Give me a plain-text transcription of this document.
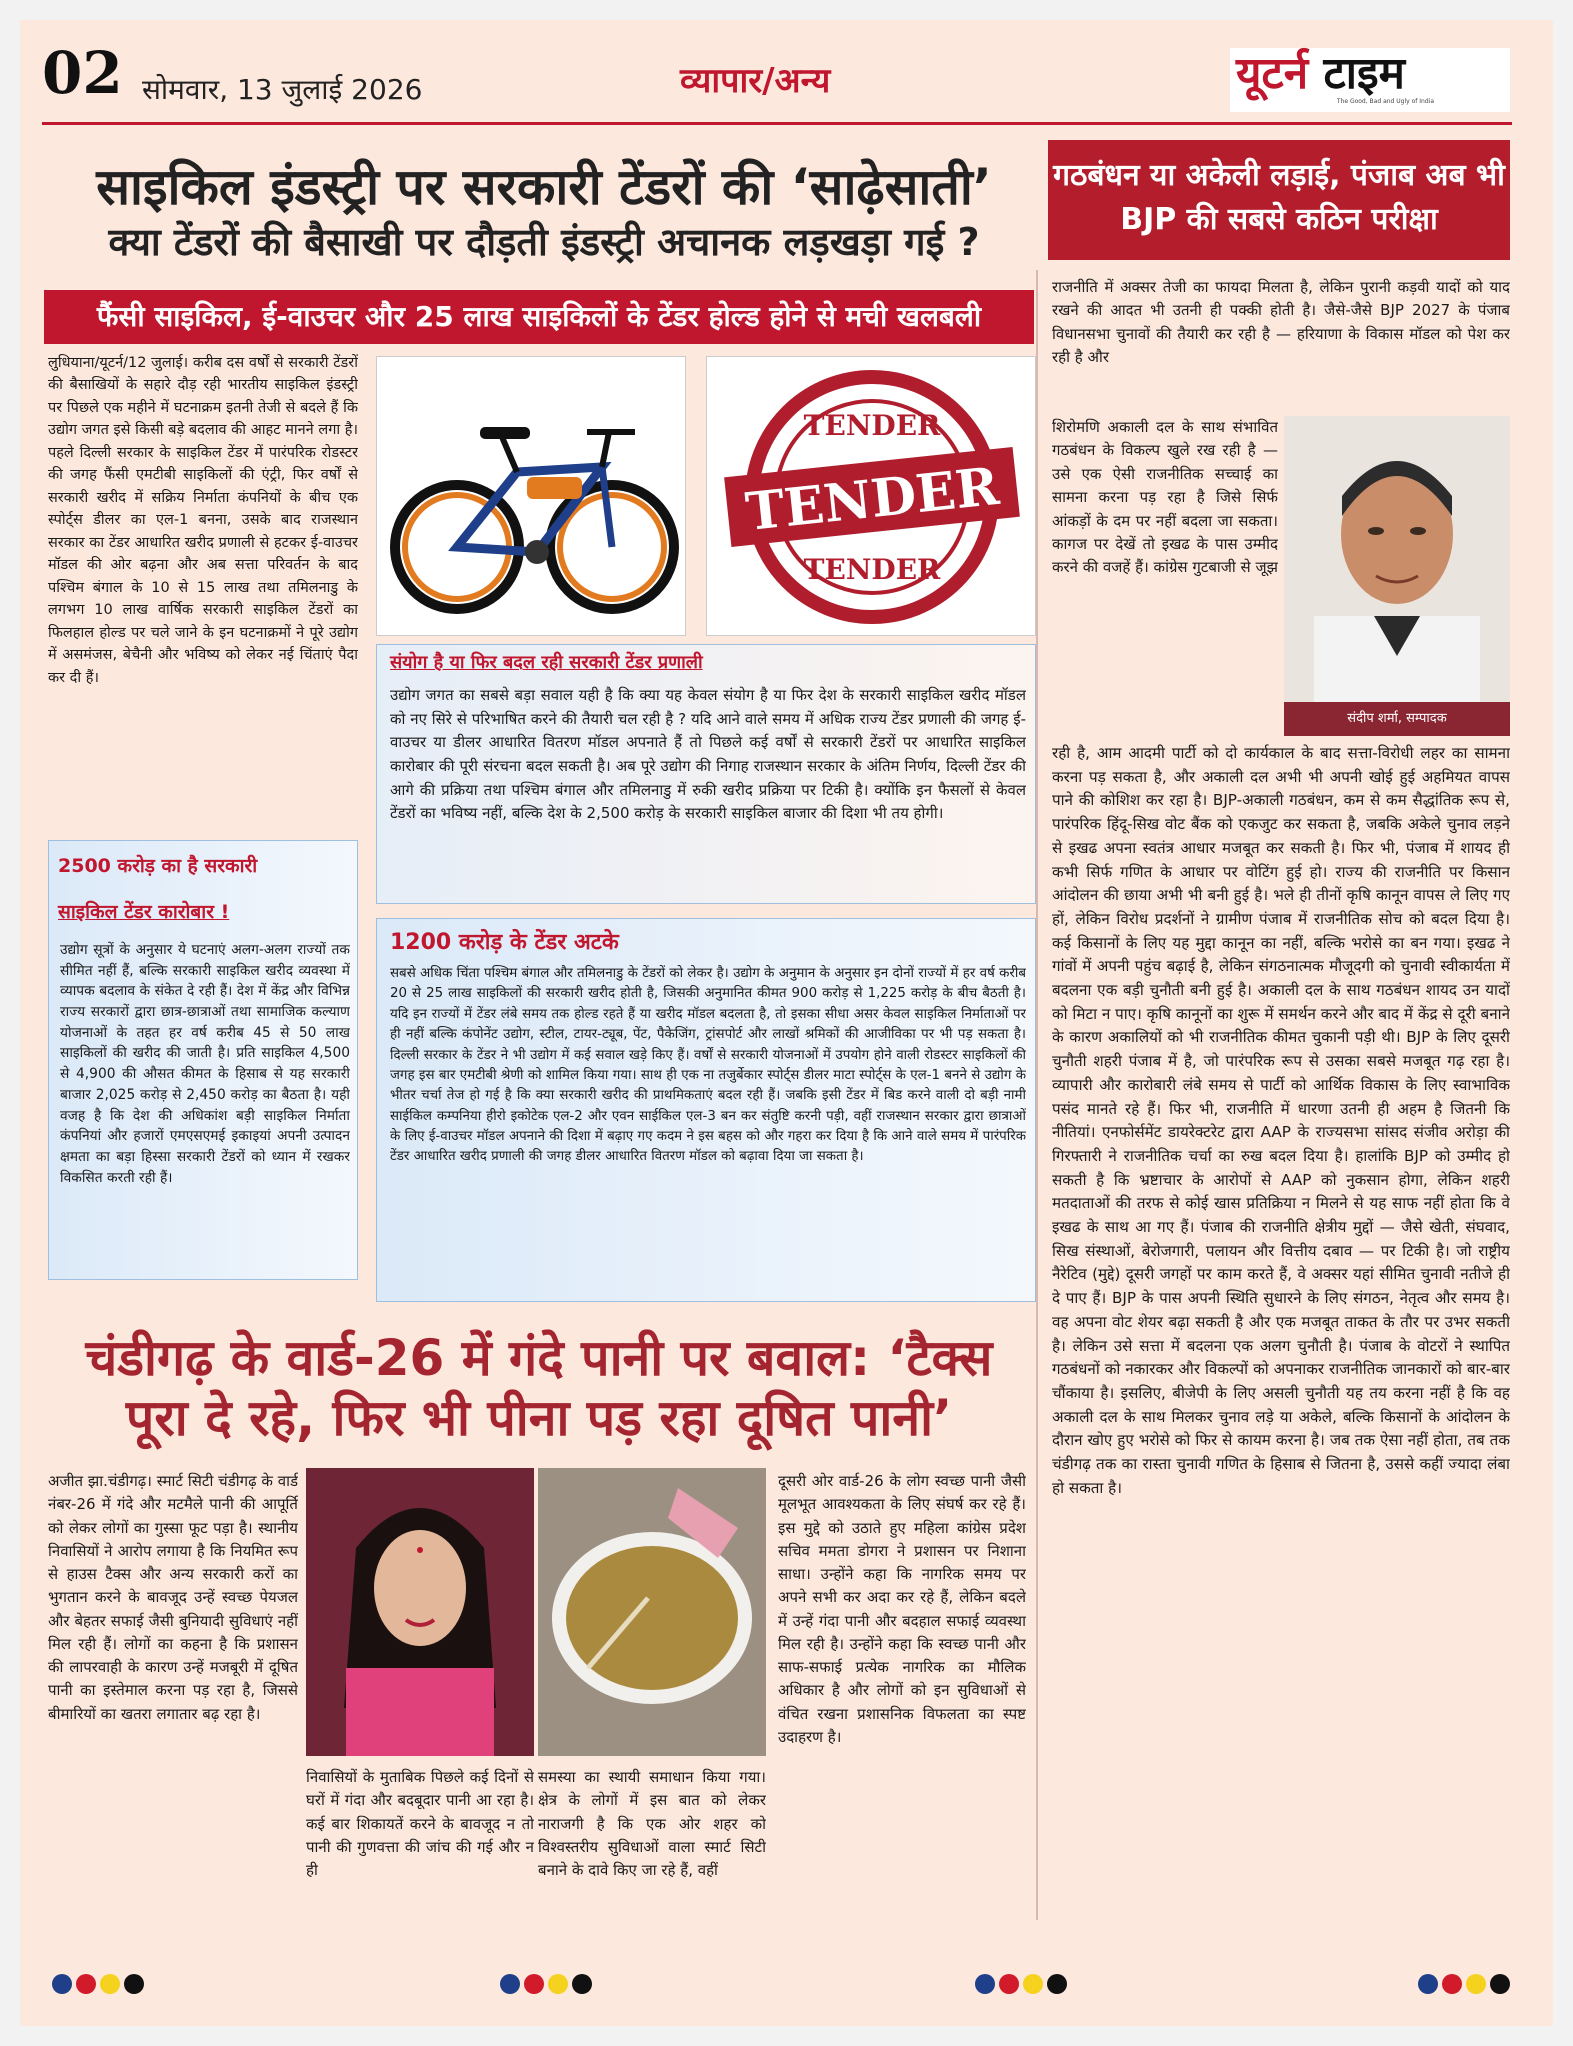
02 सोमवार, 13 जुलाई 2026	व्यापार/अन्य	यूटर्न टाइम
The Good, Bad and Ugly of India
साइकिल इंडस्ट्री पर सरकारी टेंडरों की ‘साढ़ेसाती’
क्या टेंडरों की बैसाखी पर दौड़ती इंडस्ट्री अचानक लड़खड़ा गई ?
फैंसी साइकिल, ई-वाउचर और 25 लाख साइकिलों के टेंडर होल्ड होने से मची खलबली
लुधियाना/यूटर्न/12 जुलाई। करीब दस वर्षों से सरकारी टेंडरों की बैसाखियों के सहारे दौड़ रही भारतीय साइकिल इंडस्ट्री पर पिछले एक महीने में घटनाक्रम इतनी तेजी से बदले हैं कि उद्योग जगत इसे किसी बड़े बदलाव की आहट मानने लगा है। पहले दिल्ली सरकार के साइकिल टेंडर में पारंपरिक रोडस्टर की जगह फैंसी एमटीबी साइकिलों की एंट्री, फिर वर्षों से सरकारी खरीद में सक्रिय निर्माता कंपनियों के बीच एक स्पोर्ट्स डीलर का एल-1 बनना, उसके बाद राजस्थान सरकार का टेंडर आधारित खरीद प्रणाली से हटकर ई-वाउचर मॉडल की ओर बढ़ना और अब सत्ता परिवर्तन के बाद पश्चिम बंगाल के 10 से 15 लाख तथा तमिलनाडु के लगभग 10 लाख वार्षिक सरकारी साइकिल टेंडरों का फिलहाल होल्ड पर चले जाने के इन घटनाक्रमों ने पूरे उद्योग में असमंजस, बेचैनी और भविष्य को लेकर नई चिंताएं पैदा कर दी हैं।
TENDER
TENDER
TENDER
2500 करोड़ का है सरकारी
साइकिल टेंडर कारोबार !
उद्योग सूत्रों के अनुसार ये घटनाएं अलग-अलग राज्यों तक सीमित नहीं हैं, बल्कि सरकारी साइकिल खरीद व्यवस्था में व्यापक बदलाव के संकेत दे रही हैं। देश में केंद्र और विभिन्न राज्य सरकारों द्वारा छात्र-छात्राओं तथा सामाजिक कल्याण योजनाओं के तहत हर वर्ष करीब 45 से 50 लाख साइकिलों की खरीद की जाती है। प्रति साइकिल 4,500 से 4,900 की औसत कीमत के हिसाब से यह सरकारी बाजार 2,025 करोड़ से 2,450 करोड़ का बैठता है। यही वजह है कि देश की अधिकांश बड़ी साइकिल निर्माता कंपनियां और हजारों एमएसएमई इकाइयां अपनी उत्पादन क्षमता का बड़ा हिस्सा सरकारी टेंडरों को ध्यान में रखकर विकसित करती रही हैं।
संयोग है या फिर बदल रही सरकारी टेंडर प्रणाली
उद्योग जगत का सबसे बड़ा सवाल यही है कि क्या यह केवल संयोग है या फिर देश के सरकारी साइकिल खरीद मॉडल को नए सिरे से परिभाषित करने की तैयारी चल रही है ? यदि आने वाले समय में अधिक राज्य टेंडर प्रणाली की जगह ई-वाउचर या डीलर आधारित वितरण मॉडल अपनाते हैं तो पिछले कई वर्षों से सरकारी टेंडरों पर आधारित साइकिल कारोबार की पूरी संरचना बदल सकती है। अब पूरे उद्योग की निगाह राजस्थान सरकार के अंतिम निर्णय, दिल्ली टेंडर की आगे की प्रक्रिया तथा पश्चिम बंगाल और तमिलनाडु में रुकी खरीद प्रक्रिया पर टिकी है। क्योंकि इन फैसलों से केवल टेंडरों का भविष्य नहीं, बल्कि देश के 2,500 करोड़ के सरकारी साइकिल बाजार की दिशा भी तय होगी।
1200 करोड़ के टेंडर अटके
सबसे अधिक चिंता पश्चिम बंगाल और तमिलनाडु के टेंडरों को लेकर है। उद्योग के अनुमान के अनुसार इन दोनों राज्यों में हर वर्ष करीब 20 से 25 लाख साइकिलों की सरकारी खरीद होती है, जिसकी अनुमानित कीमत 900 करोड़ से 1,225 करोड़ के बीच बैठती है। यदि इन राज्यों में टेंडर लंबे समय तक होल्ड रहते हैं या खरीद मॉडल बदलता है, तो इसका सीधा असर केवल साइकिल निर्माताओं पर ही नहीं बल्कि कंपोनेंट उद्योग, स्टील, टायर-ट्यूब, पेंट, पैकेजिंग, ट्रांसपोर्ट और लाखों श्रमिकों की आजीविका पर भी पड़ सकता है। दिल्ली सरकार के टेंडर ने भी उद्योग में कई सवाल खड़े किए हैं। वर्षों से सरकारी योजनाओं में उपयोग होने वाली रोडस्टर साइकिलों की जगह इस बार एमटीबी श्रेणी को शामिल किया गया। साथ ही एक ना तजुर्बेकार स्पोर्ट्स डीलर माटा स्पोर्ट्स के एल-1 बनने से उद्योग के भीतर चर्चा तेज हो गई है कि क्या सरकारी खरीद की प्राथमिकताएं बदल रही हैं। जबकि इसी टेंडर में बिड करने वाली दो बड़ी नामी साईकिल कम्पनिया हीरो इकोटेक एल-2 और एवन साईकिल एल-3 बन कर संतुष्टि करनी पड़ी, वहीं राजस्थान सरकार द्वारा छात्राओं के लिए ई-वाउचर मॉडल अपनाने की दिशा में बढ़ाए गए कदम ने इस बहस को और गहरा कर दिया है कि आने वाले समय में पारंपरिक टेंडर आधारित खरीद प्रणाली की जगह डीलर आधारित वितरण मॉडल को बढ़ावा दिया जा सकता है।
गठबंधन या अकेली लड़ाई, पंजाब अब भी BJP की सबसे कठिन परीक्षा
राजनीति में अक्सर तेजी का फायदा मिलता है, लेकिन पुरानी कड़वी यादों को याद रखने की आदत भी उतनी ही पक्की होती है। जैसे-जैसे BJP 2027 के पंजाब विधानसभा चुनावों की तैयारी कर रही है — हरियाणा के विकास मॉडल को पेश कर रही है और
शिरोमणि अकाली दल के साथ संभावित गठबंधन के विकल्प खुले रख रही है — उसे एक ऐसी राजनीतिक सच्चाई का सामना करना पड़ रहा है जिसे सिर्फ आंकड़ों के दम पर नहीं बदला जा सकता। कागज पर देखें तो इखढ के पास उम्मीद करने की वजहें हैं। कांग्रेस गुटबाजी से जूझ
संदीप शर्मा, सम्पादक
रही है, आम आदमी पार्टी को दो कार्यकाल के बाद सत्ता-विरोधी लहर का सामना करना पड़ सकता है, और अकाली दल अभी भी अपनी खोई हुई अहमियत वापस पाने की कोशिश कर रहा है। BJP-अकाली गठबंधन, कम से कम सैद्धांतिक रूप से, पारंपरिक हिंदू-सिख वोट बैंक को एकजुट कर सकता है, जबकि अकेले चुनाव लड़ने से इखढ अपना स्वतंत्र आधार मजबूत कर सकती है। फिर भी, पंजाब में शायद ही कभी सिर्फ गणित के आधार पर वोटिंग हुई हो। राज्य की राजनीति पर किसान आंदोलन की छाया अभी भी बनी हुई है। भले ही तीनों कृषि कानून वापस ले लिए गए हों, लेकिन विरोध प्रदर्शनों ने ग्रामीण पंजाब में राजनीतिक सोच को बदल दिया है। कई किसानों के लिए यह मुद्दा कानून का नहीं, बल्कि भरोसे का बन गया। इखढ ने गांवों में अपनी पहुंच बढ़ाई है, लेकिन संगठनात्मक मौजूदगी को चुनावी स्वीकार्यता में बदलना एक बड़ी चुनौती बनी हुई है। अकाली दल के साथ गठबंधन शायद उन यादों को मिटा न पाए। कृषि कानूनों का शुरू में समर्थन करने और बाद में केंद्र से दूरी बनाने के कारण अकालियों को भी राजनीतिक कीमत चुकानी पड़ी थी। BJP के लिए दूसरी चुनौती शहरी पंजाब में है, जो पारंपरिक रूप से उसका सबसे मजबूत गढ़ रहा है। व्यापारी और कारोबारी लंबे समय से पार्टी को आर्थिक विकास के लिए स्वाभाविक पसंद मानते रहे हैं। फिर भी, राजनीति में धारणा उतनी ही अहम है जितनी कि नीतियां। एनफोर्समेंट डायरेक्टरेट द्वारा AAP के राज्यसभा सांसद संजीव अरोड़ा की गिरफ्तारी ने राजनीतिक चर्चा का रुख बदल दिया है। हालांकि BJP को उम्मीद हो सकती है कि भ्रष्टाचार के आरोपों से AAP को नुकसान होगा, लेकिन शहरी मतदाताओं की तरफ से कोई खास प्रतिक्रिया न मिलने से यह साफ नहीं होता कि वे इखढ के साथ आ गए हैं। पंजाब की राजनीति क्षेत्रीय मुद्दों — जैसे खेती, संघवाद, सिख संस्थाओं, बेरोजगारी, पलायन और वित्तीय दबाव — पर टिकी है। जो राष्ट्रीय नैरेटिव (मुद्दे) दूसरी जगहों पर काम करते हैं, वे अक्सर यहां सीमित चुनावी नतीजे ही दे पाए हैं। BJP के पास अपनी स्थिति सुधारने के लिए संगठन, नेतृत्व और समय है। वह अपना वोट शेयर बढ़ा सकती है और एक मजबूत ताकत के तौर पर उभर सकती है। लेकिन उसे सत्ता में बदलना एक अलग चुनौती है। पंजाब के वोटरों ने स्थापित गठबंधनों को नकारकर और विकल्पों को अपनाकर राजनीतिक जानकारों को बार-बार चौंकाया है। इसलिए, बीजेपी के लिए असली चुनौती यह तय करना नहीं है कि वह अकाली दल के साथ मिलकर चुनाव लड़े या अकेले, बल्कि किसानों के आंदोलन के दौरान खोए हुए भरोसे को फिर से कायम करना है। जब तक ऐसा नहीं होता, तब तक चंडीगढ़ तक का रास्ता चुनावी गणित के हिसाब से जितना है, उससे कहीं ज्यादा लंबा हो सकता है।
चंडीगढ़ के वार्ड-26 में गंदे पानी पर बवाल: ‘टैक्स
पूरा दे रहे, फिर भी पीना पड़ रहा दूषित पानी’
अजीत झा.चंडीगढ़। स्मार्ट सिटी चंडीगढ़ के वार्ड नंबर-26 में गंदे और मटमैले पानी की आपूर्ति को लेकर लोगों का गुस्सा फूट पड़ा है। स्थानीय निवासियों ने आरोप लगाया है कि नियमित रूप से हाउस टैक्स और अन्य सरकारी करों का भुगतान करने के बावजूद उन्हें स्वच्छ पेयजल और बेहतर सफाई जैसी बुनियादी सुविधाएं नहीं मिल रही हैं। लोगों का कहना है कि प्रशासन की लापरवाही के कारण उन्हें मजबूरी में दूषित पानी का इस्तेमाल करना पड़ रहा है, जिससे बीमारियों का खतरा लगातार बढ़ रहा है।
निवासियों के मुताबिक पिछले कई दिनों से घरों में गंदा और बदबूदार पानी आ रहा है। कई बार शिकायतें करने के बावजूद न तो पानी की गुणवत्ता की जांच की गई और न ही
समस्या का स्थायी समाधान किया गया। क्षेत्र के लोगों में इस बात को लेकर नाराजगी है कि एक ओर शहर को विश्वस्तरीय सुविधाओं वाला स्मार्ट सिटी बनाने के दावे किए जा रहे हैं, वहीं
दूसरी ओर वार्ड-26 के लोग स्वच्छ पानी जैसी मूलभूत आवश्यकता के लिए संघर्ष कर रहे हैं। इस मुद्दे को उठाते हुए महिला कांग्रेस प्रदेश सचिव ममता डोगरा ने प्रशासन पर निशाना साधा। उन्होंने कहा कि नागरिक समय पर अपने सभी कर अदा कर रहे हैं, लेकिन बदले में उन्हें गंदा पानी और बदहाल सफाई व्यवस्था मिल रही है। उन्होंने कहा कि स्वच्छ पानी और साफ-सफाई प्रत्येक नागरिक का मौलिक अधिकार है और लोगों को इन सुविधाओं से वंचित रखना प्रशासनिक विफलता का स्पष्ट उदाहरण है।
